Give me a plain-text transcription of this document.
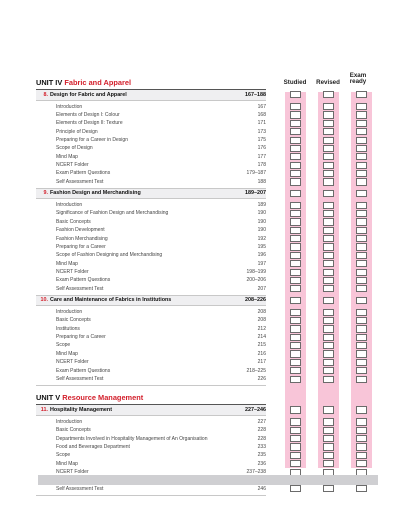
Studied	Revised
Exam ready
UNIT IV Fabric and Apparel
8. Design for Fabric and Apparel	167–188
Introduction	167
Elements of Design I: Colour	168
Elements of Design II: Texture	171
Principle of Design	173
Preparing for a Career in Design	175
Scope of Design	176
Mind Map	177
NCERT Folder	178
Exam Pattern Questions	179–187
Self Assessment Test	188
9. Fashion Design and Merchandising	189–207
Introduction	189
Significance of Fashion Design and Merchandising	190
Basic Concepts	190
Fashion Development	190
Fashion Merchandising	192
Preparing for a Career	195
Scope of Fashion Designing and Merchandising	196
Mind Map	197
NCERT Folder	198–199
Exam Pattern Questions	200–206
Self Assessment Test	207
10. Care and Maintenance of Fabrics in Institutions	208–226
Introduction	208
Basic Concepts	208
Institutions	212
Preparing for a Career	214
Scope	215
Mind Map	216
NCERT Folder	217
Exam Pattern Questions	218–225
Self Assessment Test	226
UNIT V Resource Management
11. Hospitality Management	227–246
Introduction	227
Basic Concepts	228
Departments Involved in Hospitality Management of An Organisation	228
Food and Beverages Department	233
Scope	235
Mind Map	236
NCERT Folder	237–238
Self Assessment Test	246
